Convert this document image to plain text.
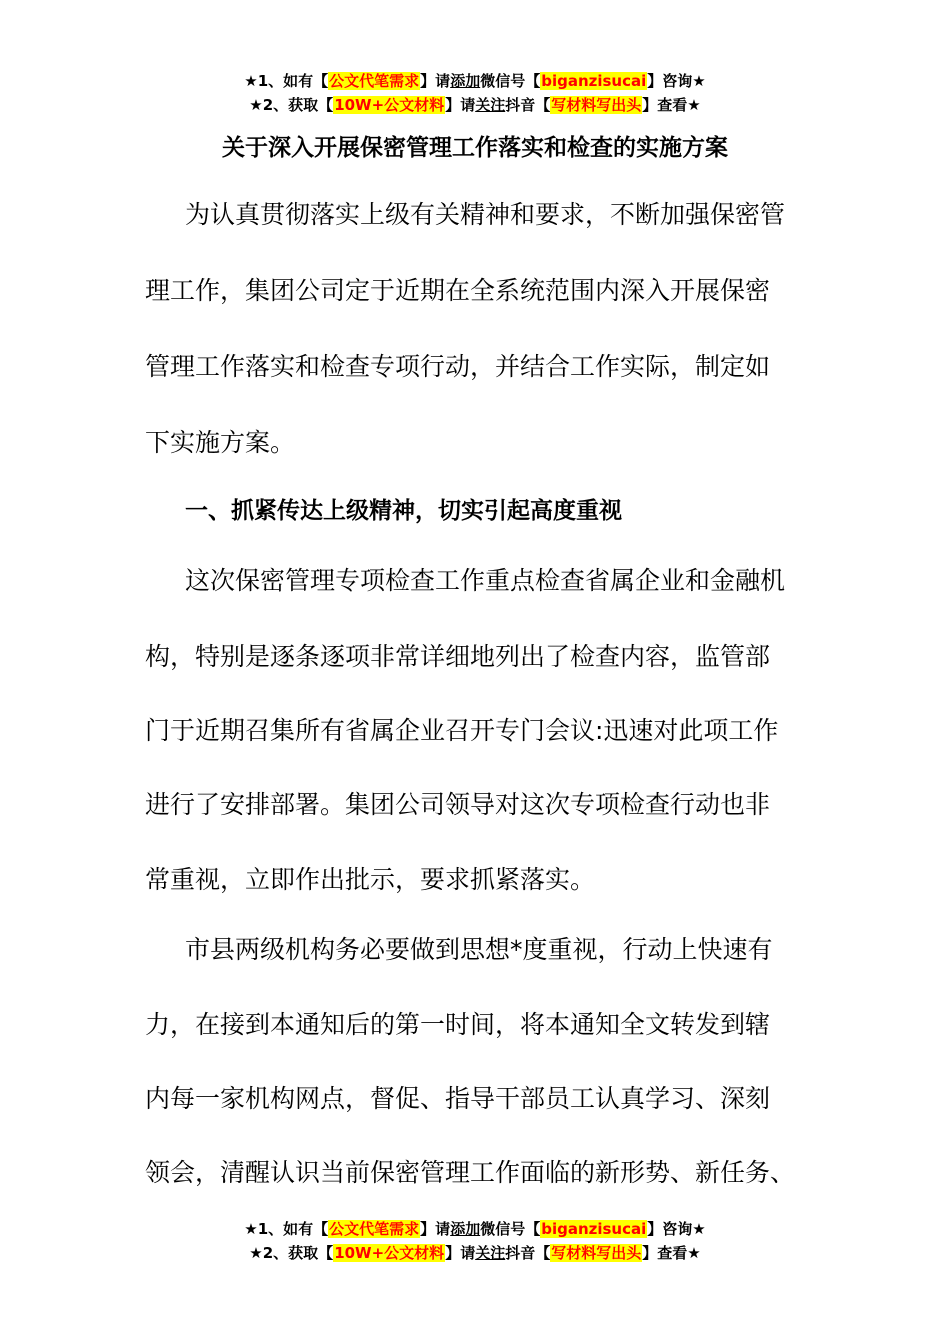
★1、如有【公文代笔需求】请添加微信号【biganzisucai】咨询★
★2、获取【10W+公文材料】请关注抖音【写材料写出头】查看★
关于深入开展保密管理工作落实和检查的实施方案
为认真贯彻落实上级有关精神和要求，不断加强保密管
理工作，集团公司定于近期在全系统范围内深入开展保密
管理工作落实和检查专项行动，并结合工作实际，制定如
下实施方案。
一、抓紧传达上级精神，切实引起高度重视
这次保密管理专项检查工作重点检查省属企业和金融机
构，特别是逐条逐项非常详细地列出了检查内容，监管部
门于近期召集所有省属企业召开专门会议:迅速对此项工作
进行了安排部署。集团公司领导对这次专项检查行动也非
常重视，立即作出批示，要求抓紧落实。
市县两级机构务必要做到思想*度重视，行动上快速有
力，在接到本通知后的第一时间，将本通知全文转发到辖
内每一家机构网点，督促、指导干部员工认真学习、深刻
领会，清醒认识当前保密管理工作面临的新形势、新任务、
★1、如有【公文代笔需求】请添加微信号【biganzisucai】咨询★
★2、获取【10W+公文材料】请关注抖音【写材料写出头】查看★
